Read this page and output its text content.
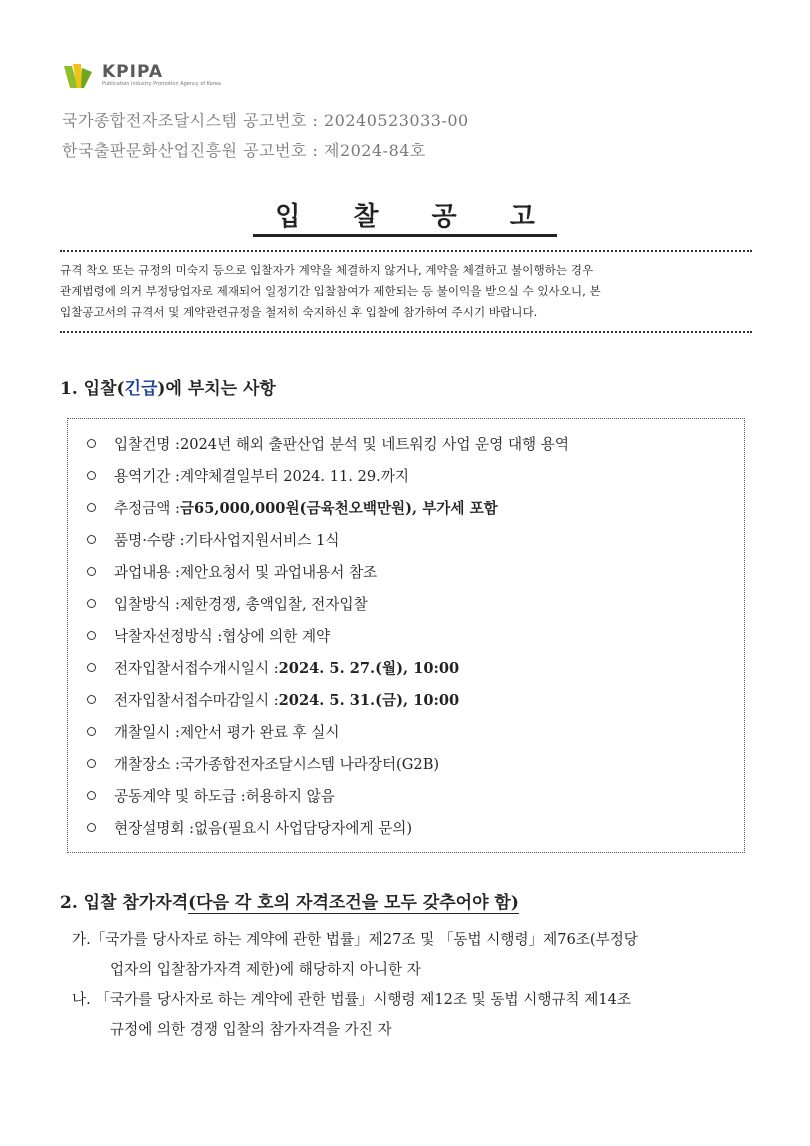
KPIPA
Publication Industry Promotion Agency of Korea
국가종합전자조달시스템 공고번호 : 20240523033-00
한국출판문화산업진흥원 공고번호 : 제2024-84호
입 찰 공 고
규격 착오 또는 규정의 미숙지 등으로 입찰자가 계약을 체결하지 않거나, 계약을 체결하고 불이행하는 경우
관계법령에 의거 부정당업자로 제재되어 일정기간 입찰참여가 제한되는 등 불이익을 받으실 수 있사오니, 본
입찰공고서의 규격서 및 계약관련규정을 철저히 숙지하신 후 입찰에 참가하여 주시기 바랍니다.
1. 입찰(긴급)에 부치는 사항
입찰건명 : 2024년 해외 출판산업 분석 및 네트워킹 사업 운영 대행 용역
용역기간 : 계약체결일부터 2024. 11. 29.까지
추정금액 : 금65,000,000원(금육천오백만원), 부가세 포함
품명·수량 : 기타사업지원서비스 1식
과업내용 : 제안요청서 및 과업내용서 참조
입찰방식 : 제한경쟁, 총액입찰, 전자입찰
낙찰자선정방식 : 협상에 의한 계약
전자입찰서접수개시일시 : 2024. 5. 27.(월), 10:00
전자입찰서접수마감일시 : 2024. 5. 31.(금), 10:00
개찰일시 : 제안서 평가 완료 후 실시
개찰장소 : 국가종합전자조달시스템 나라장터(G2B)
공동계약 및 하도급 : 허용하지 않음
현장설명회 : 없음(필요시 사업담당자에게 문의)
2. 입찰 참가자격(다음 각 호의 자격조건을 모두 갖추어야 함)
가.「국가를 당사자로 하는 계약에 관한 법률」제27조 및 「동법 시행령」제76조(부정당
업자의 입찰참가자격 제한)에 해당하지 아니한 자
나. 「국가를 당사자로 하는 계약에 관한 법률」시행령 제12조 및 동법 시행규칙 제14조
규정에 의한 경쟁 입찰의 참가자격을 가진 자
